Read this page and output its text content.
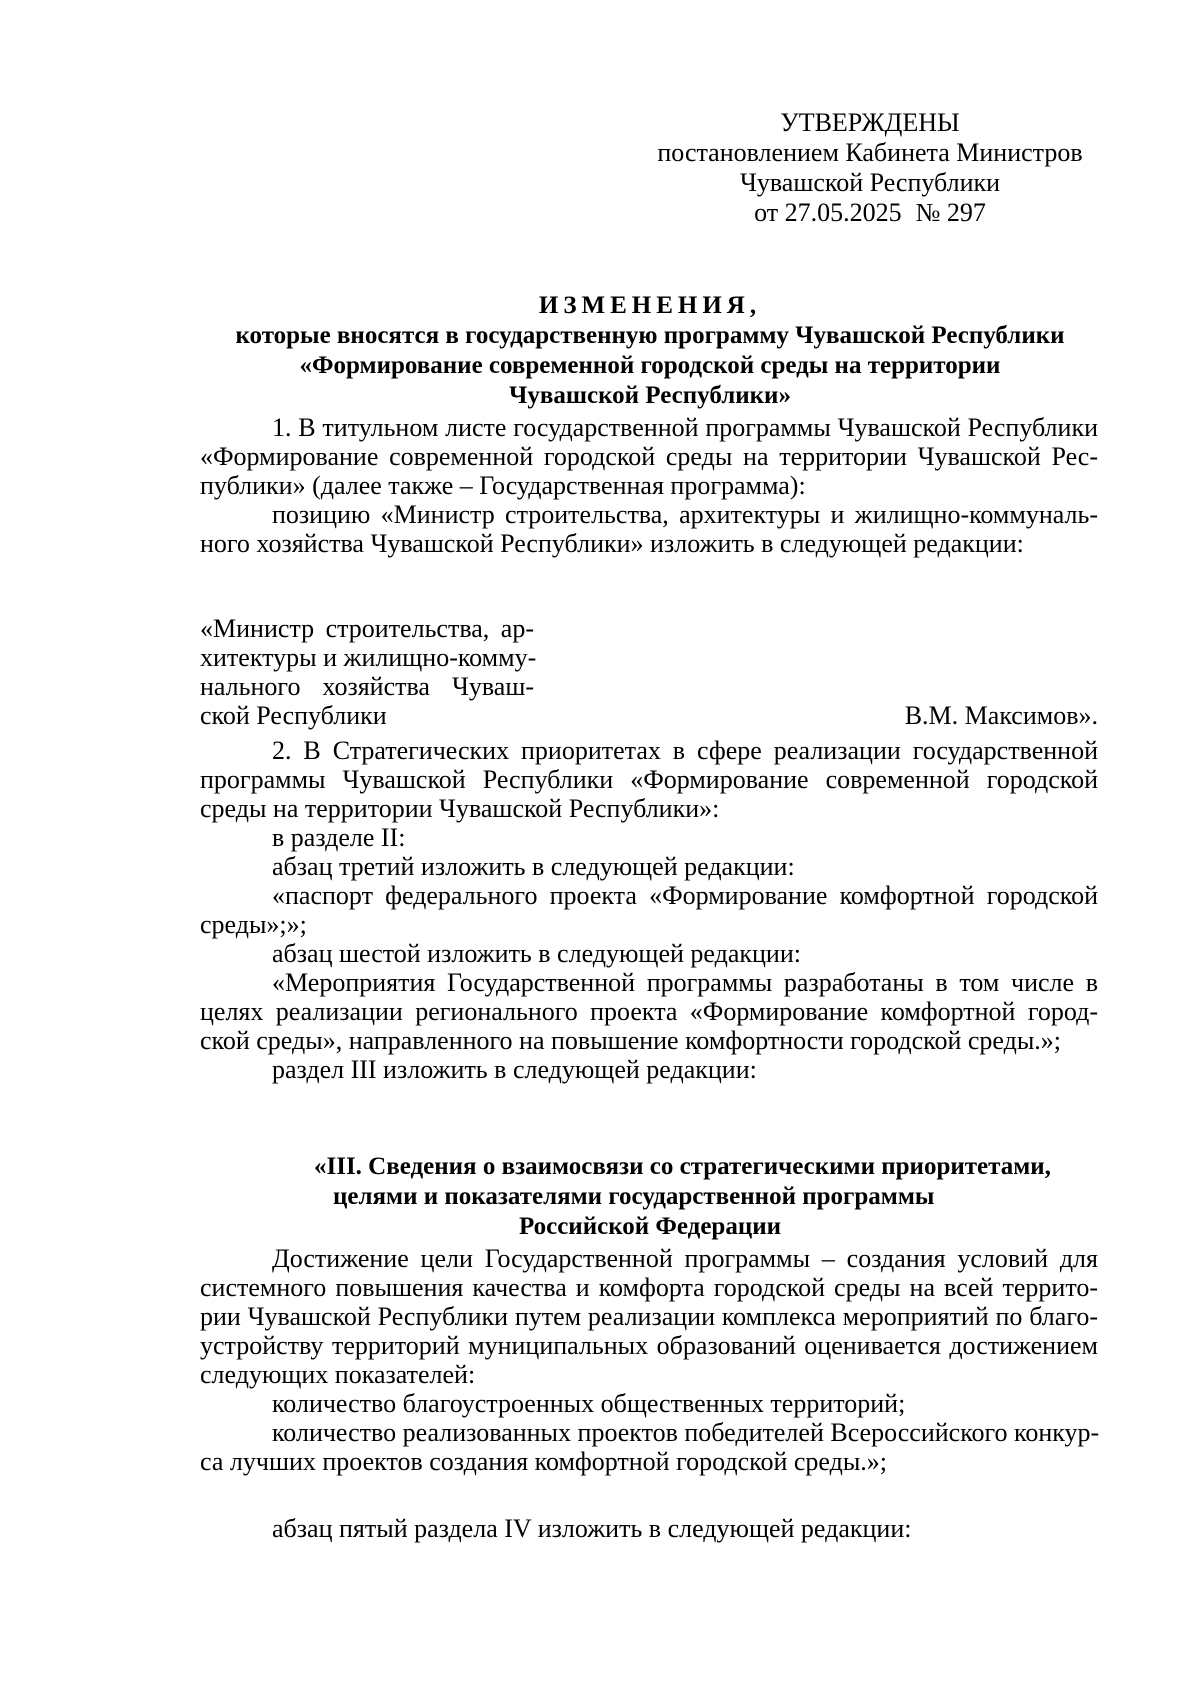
УТВЕРЖДЕНЫ
постановлением Кабинета Министров
Чувашской Республики
от 27.05.2025 № 297
ИЗМЕНЕНИЯ,
которые вносятся в государственную программу Чувашской Республики
«Формирование современной городской среды на территории
Чувашской Республики»
1. В титульном листе государственной программы Чувашской Республики
«Формирование современной городской среды на территории Чувашской Рес-
публики» (далее также – Государственная программа):
позицию «Министр строительства, архитектуры и жилищно-коммуналь-
ного хозяйства Чувашской Республики» изложить в следующей редакции:
«Министр строительства, ар-
хитектуры и жилищно-комму-
нального хозяйства Чуваш-
ской Республики	В.М. Максимов».
2. В Стратегических приоритетах в сфере реализации государственной
программы Чувашской Республики «Формирование современной городской
среды на территории Чувашской Республики»:
в разделе II:
абзац третий изложить в следующей редакции:
«паспорт федерального проекта «Формирование комфортной городской
среды»;»;
абзац шестой изложить в следующей редакции:
«Мероприятия Государственной программы разработаны в том числе в
целях реализации регионального проекта «Формирование комфортной город-
ской среды», направленного на повышение комфортности городской среды.»;
раздел III изложить в следующей редакции:
«III. Сведения о взаимосвязи со стратегическими приоритетами,
целями и показателями государственной программы
Российской Федерации
Достижение цели Государственной программы – создания условий для
системного повышения качества и комфорта городской среды на всей террито-
рии Чувашской Республики путем реализации комплекса мероприятий по благо-
устройству территорий муниципальных образований оценивается достижением
следующих показателей:
количество благоустроенных общественных территорий;
количество реализованных проектов победителей Всероссийского конкур-
са лучших проектов создания комфортной городской среды.»;
абзац пятый раздела IV изложить в следующей редакции:
